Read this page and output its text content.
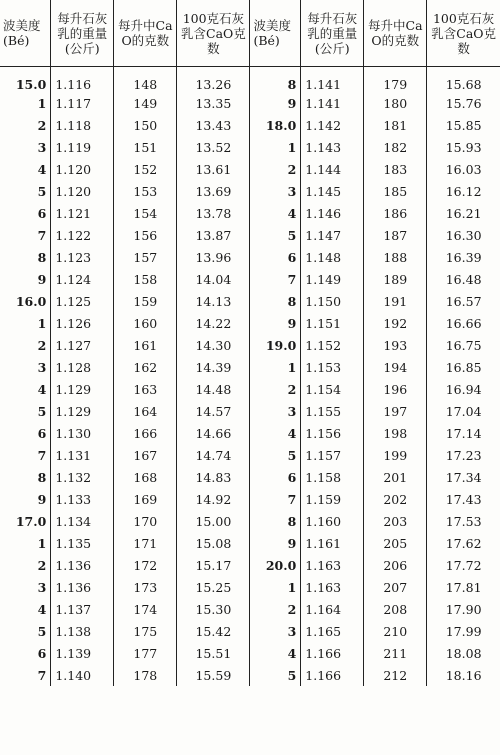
波美度(Bé)	每升石灰乳的重量(公斤)	每升中CaO的克数	100克石灰乳含CaO克数	波美度(Bé)	每升石灰乳的重量(公斤)	每升中CaO的克数	100克石灰乳含CaO克数
15.0	1.116	148	13.26	8	1.141	179	15.68
1	1.117	149	13.35	9	1.141	180	15.76
2	1.118	150	13.43	18.0	1.142	181	15.85
3	1.119	151	13.52	1	1.143	182	15.93
4	1.120	152	13.61	2	1.144	183	16.03
5	1.120	153	13.69	3	1.145	185	16.12
6	1.121	154	13.78	4	1.146	186	16.21
7	1.122	156	13.87	5	1.147	187	16.30
8	1.123	157	13.96	6	1.148	188	16.39
9	1.124	158	14.04	7	1.149	189	16.48
16.0	1.125	159	14.13	8	1.150	191	16.57
1	1.126	160	14.22	9	1.151	192	16.66
2	1.127	161	14.30	19.0	1.152	193	16.75
3	1.128	162	14.39	1	1.153	194	16.85
4	1.129	163	14.48	2	1.154	196	16.94
5	1.129	164	14.57	3	1.155	197	17.04
6	1.130	166	14.66	4	1.156	198	17.14
7	1.131	167	14.74	5	1.157	199	17.23
8	1.132	168	14.83	6	1.158	201	17.34
9	1.133	169	14.92	7	1.159	202	17.43
17.0	1.134	170	15.00	8	1.160	203	17.53
1	1.135	171	15.08	9	1.161	205	17.62
2	1.136	172	15.17	20.0	1.163	206	17.72
3	1.136	173	15.25	1	1.163	207	17.81
4	1.137	174	15.30	2	1.164	208	17.90
5	1.138	175	15.42	3	1.165	210	17.99
6	1.139	177	15.51	4	1.166	211	18.08
7	1.140	178	15.59	5	1.166	212	18.16
